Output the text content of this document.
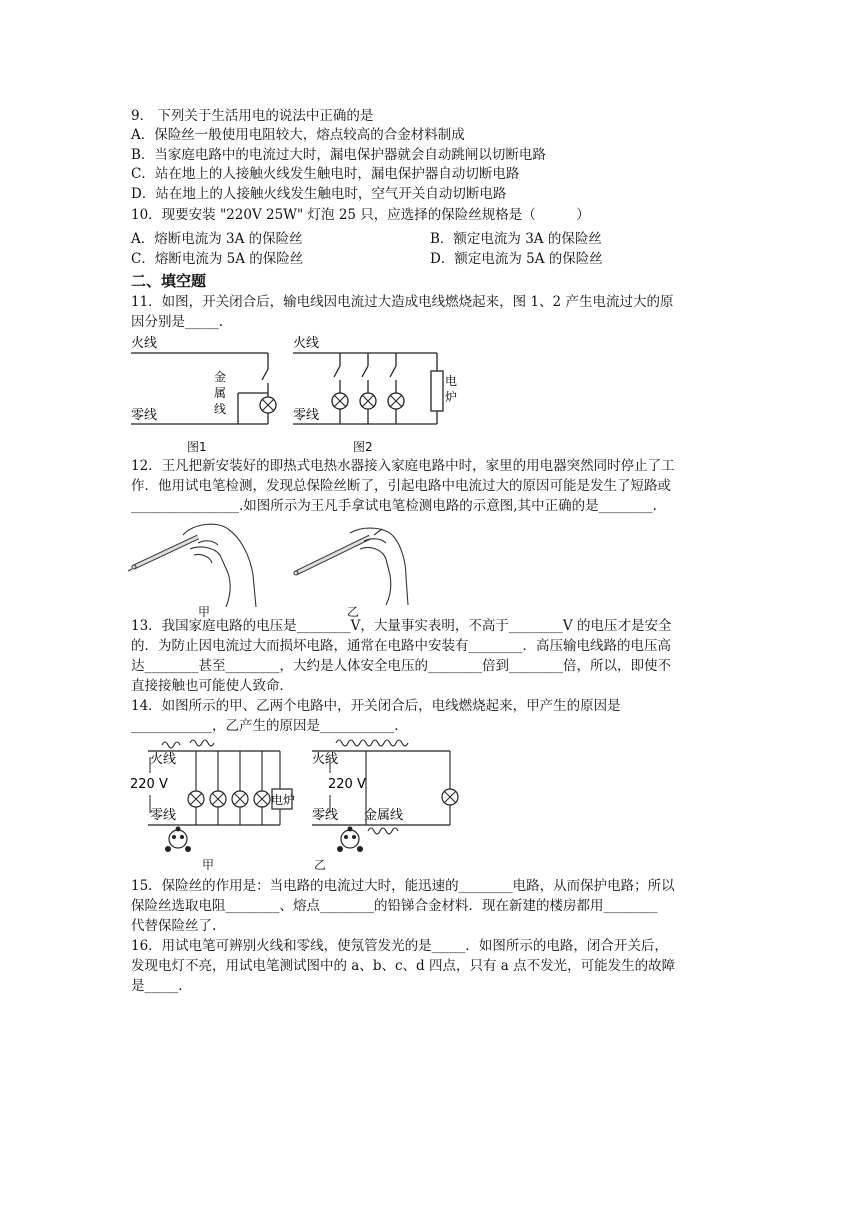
9． 下列关于生活用电的说法中正确的是
A．保险丝一般使用电阻较大，熔点较高的合金材料制成
B．当家庭电路中的电流过大时，漏电保护器就会自动跳闸以切断电路
C．站在地上的人接触火线发生触电时，漏电保护器自动切断电路
D．站在地上的人接触火线发生触电时，空气开关自动切断电路
10．现要安装 "220V 25W" 灯泡 25 只，应选择的保险丝规格是（　　　）
A．熔断电流为 3A 的保险丝	B．额定电流为 3A 的保险丝
C．熔断电流为 5A 的保险丝	D．额定电流为 5A 的保险丝
二、填空题
11．如图，开关闭合后，输电线因电流过大造成电线燃烧起来，图 1、2 产生电流过大的原
因分别是_____.
火线
金
属
线
零线
图1
火线
电
炉
零线
图2
12．王凡把新安装好的即热式电热水器接入家庭电路中时，家里的用电器突然同时停止了工
作．他用试电笔检测，发现总保险丝断了，引起电路中电流过大的原因可能是发生了短路或
________________.如图所示为王凡手拿试电笔检测电路的示意图,其中正确的是________.
甲	乙
13．我国家庭电路的电压是________V，大量事实表明，不高于________V 的电压才是安全
的．为防止因电流过大而损坏电路，通常在电路中安装有________．高压输电线路的电压高
达________甚至________，大约是人体安全电压的________倍到________倍，所以，即使不
直接接触也可能使人致命．
14．如图所示的甲、乙两个电路中，开关闭合后，电线燃烧起来，甲产生的原因是
____________，乙产生的原因是___________.
火线
220 V
零线
电炉
甲
火线
220 V
零线 金属线
乙
15．保险丝的作用是：当电路的电流过大时，能迅速的________电路，从而保护电路；所以
保险丝选取电阻________、熔点________的铅锑合金材料．现在新建的楼房都用________
代替保险丝了.
16．用试电笔可辨别火线和零线，使氖管发光的是_____．如图所示的电路，闭合开关后，
发现电灯不亮，用试电笔测试图中的 a、b、c、d 四点，只有 a 点不发光，可能发生的故障
是_____.
